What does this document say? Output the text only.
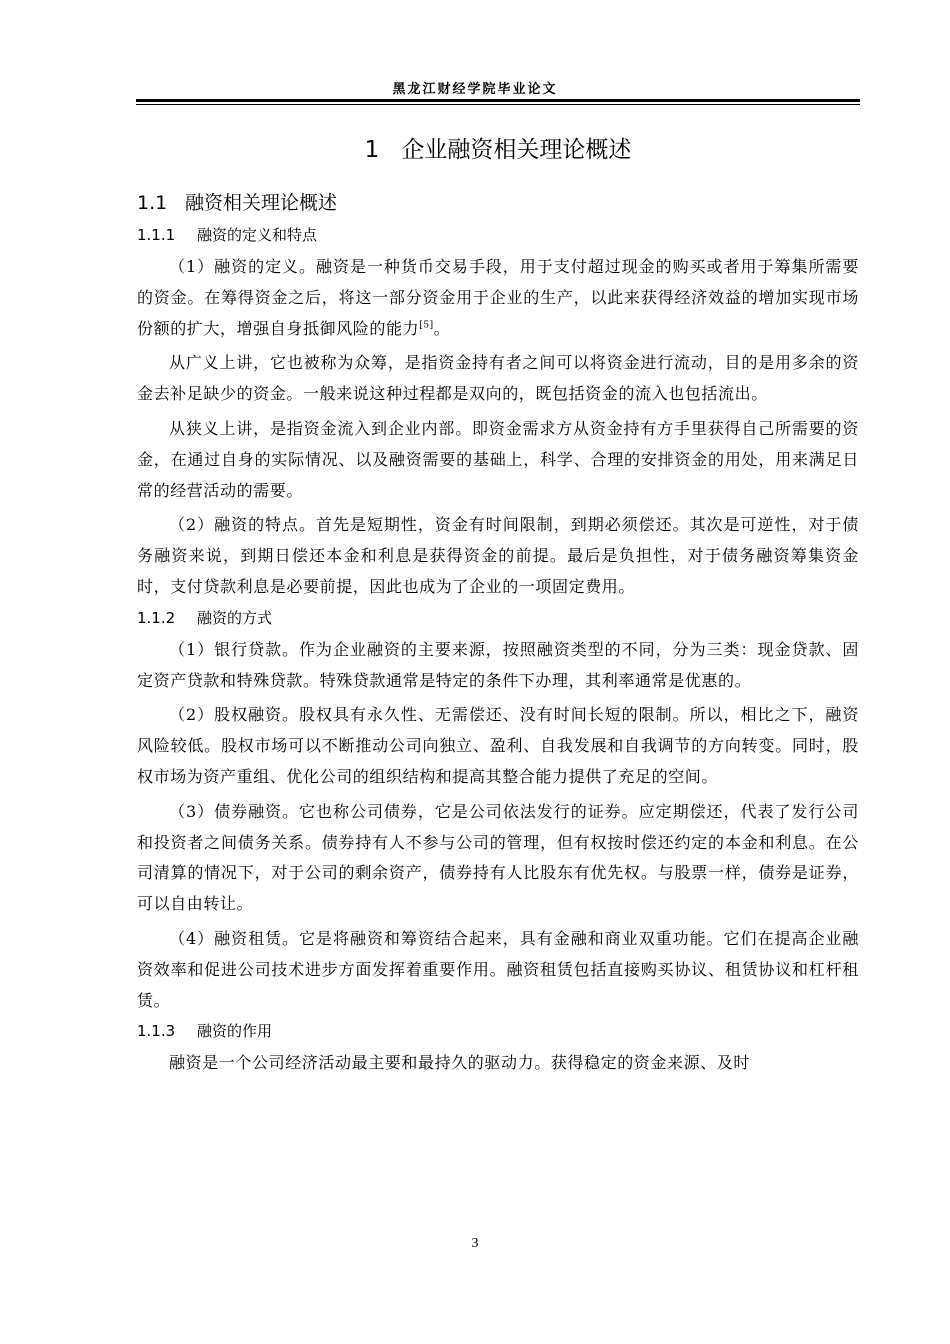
黑龙江财经学院毕业论文
1 企业融资相关理论概述
1.1 融资相关理论概述
1.1.1 融资的定义和特点

（1）融资的定义。融资是一种货币交易手段，用于支付超过现金的购买或者用于筹集所需要的资金。在筹得资金之后，将这一部分资金用于企业的生产，以此来获得经济效益的增加实现市场份额的扩大，增强自身抵御风险的能力[5]。

从广义上讲，它也被称为众筹，是指资金持有者之间可以将资金进行流动，目的是用多余的资金去补足缺少的资金。一般来说这种过程都是双向的，既包括资金的流入也包括流出。

从狭义上讲，是指资金流入到企业内部。即资金需求方从资金持有方手里获得自己所需要的资金，在通过自身的实际情况、以及融资需要的基础上，科学、合理的安排资金的用处，用来满足日常的经营活动的需要。

（2）融资的特点。首先是短期性，资金有时间限制，到期必须偿还。其次是可逆性，对于债务融资来说，到期日偿还本金和利息是获得资金的前提。最后是负担性，对于债务融资筹集资金时，支付贷款利息是必要前提，因此也成为了企业的一项固定费用。

1.1.2 融资的方式

（1）银行贷款。作为企业融资的主要来源，按照融资类型的不同，分为三类：现金贷款、固定资产贷款和特殊贷款。特殊贷款通常是特定的条件下办理，其利率通常是优惠的。

（2）股权融资。股权具有永久性、无需偿还、没有时间长短的限制。所以，相比之下，融资风险较低。股权市场可以不断推动公司向独立、盈利、自我发展和自我调节的方向转变。同时，股权市场为资产重组、优化公司的组织结构和提高其整合能力提供了充足的空间。

（3）债券融资。它也称公司债券，它是公司依法发行的证券。应定期偿还，代表了发行公司和投资者之间债务关系。债券持有人不参与公司的管理，但有权按时偿还约定的本金和利息。在公司清算的情况下，对于公司的剩余资产，债券持有人比股东有优先权。与股票一样，债券是证券，可以自由转让。

（4）融资租赁。它是将融资和筹资结合起来，具有金融和商业双重功能。它们在提高企业融资效率和促进公司技术进步方面发挥着重要作用。融资租赁包括直接购买协议、租赁协议和杠杆租赁。

1.1.3 融资的作用

融资是一个公司经济活动最主要和最持久的驱动力。获得稳定的资金来源、及时

3
